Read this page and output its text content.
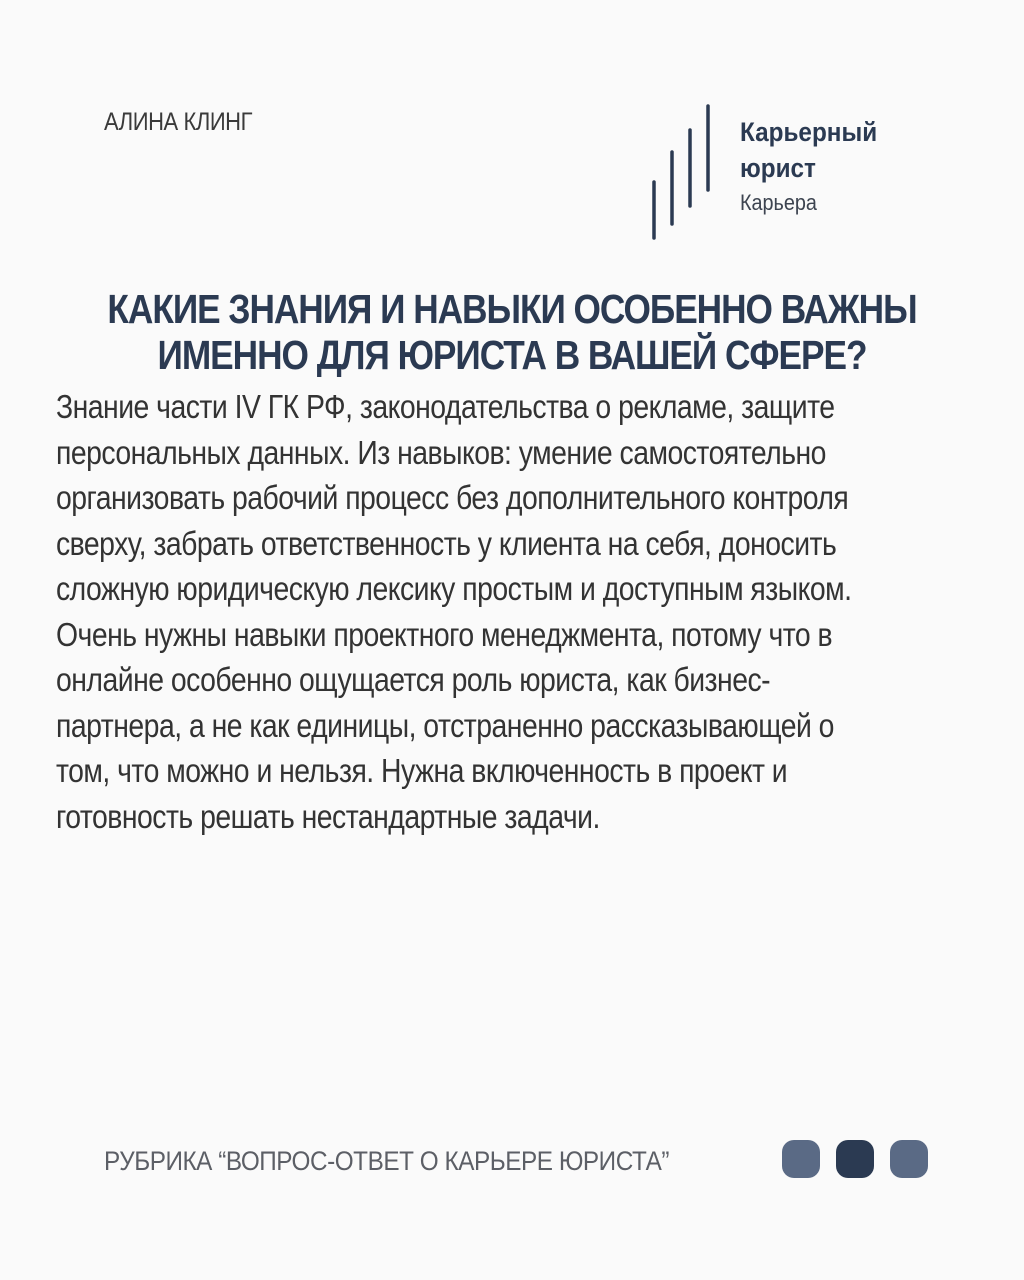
АЛИНА КЛИНГ	Карьерный
юрист
Карьера
КАКИЕ ЗНАНИЯ И НАВЫКИ ОСОБЕННО ВАЖНЫ
ИМЕННО ДЛЯ ЮРИСТА В ВАШЕЙ СФЕРЕ?
Знание части IV ГК РФ, законодательства о рекламе, защите
персональных данных. Из навыков: умение самостоятельно
организовать рабочий процесс без дополнительного контроля
сверху, забрать ответственность у клиента на себя, доносить
сложную юридическую лексику простым и доступным языком.
Очень нужны навыки проектного менеджмента, потому что в
онлайне особенно ощущается роль юриста, как бизнес-
партнера, а не как единицы, отстраненно рассказывающей о
том, что можно и нельзя. Нужна включенность в проект и
готовность решать нестандартные задачи.
РУБРИКА “ВОПРОС-ОТВЕТ О КАРЬЕРЕ ЮРИСТА”
